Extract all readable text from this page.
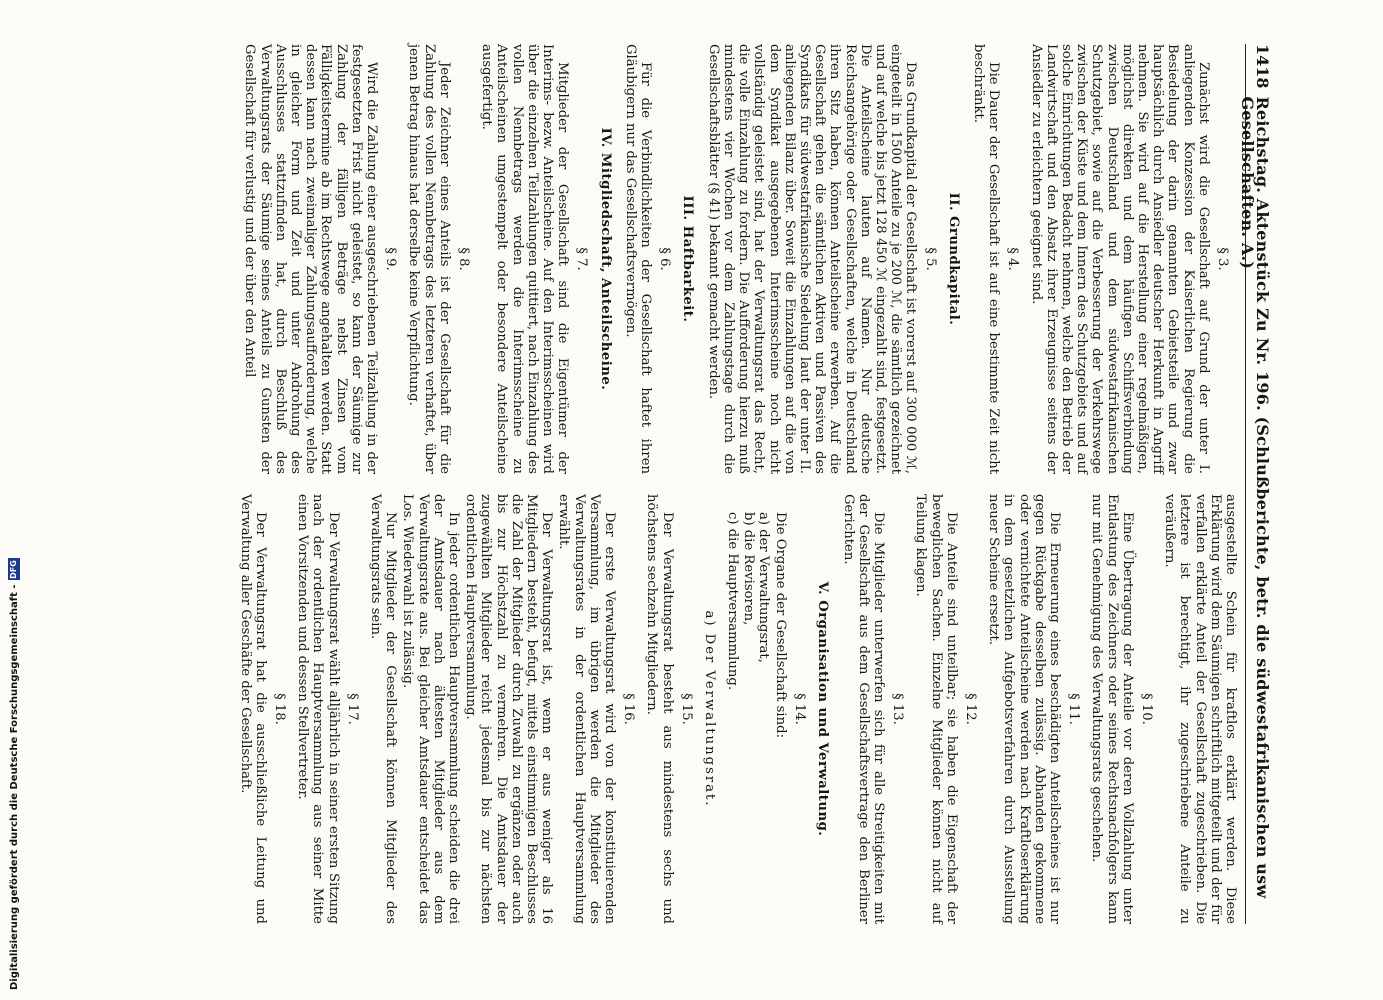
1418
Reichstag. Aktenstück Zu Nr. 196. (Schlußberichte, betr. die südwestafrikanischen usw Gesellschaften. A.)
§ 3.
Zunächst wird die Gesellschaft auf Grund der unter I. anliegenden Konzession der Kaiserlichen Regierung die Besiedelung der darin genannten Gebietsteile und zwar hauptsächlich durch Ansiedler deutscher Herkunft in Angriff nehmen. Sie wird auf die Herstellung einer regelmäßigen, möglichst direkten und dem häufigen Schiffsverbindung zwischen Deutschland und dem südwestafrikanischen Schutzgebiet, sowie auf die Verbesserung der Verkehrswege zwischen der Küste und dem Innern des Schutzgebiets und auf solche Einrichtungen Bedacht nehmen, welche den Betrieb der Landwirtschaft und den Absatz ihrer Erzeugnisse seitens der Ansiedler zu erleichtern geeignet sind.
§ 4.
Die Dauer der Gesellschaft ist auf eine bestimmte Zeit nicht beschränkt.
II. Grundkapital.
§ 5.
Das Grundkapital der Gesellschaft ist vorerst auf 300 000 ℳ, eingeteilt in 1500 Anteile zu je 200 ℳ, die sämtlich gezeichnet und auf welche bis jetzt 128 450 ℳ eingezahlt sind, festgesetzt. Die Anteilscheine lauten auf Namen. Nur deutsche Reichsangehörige oder Gesellschaften, welche in Deutschland ihren Sitz haben, können Anteilscheine erwerben. Auf die Gesellschaft gehen die sämtlichen Aktiven und Passiven des Syndikats für südwestafrikanische Siedelung laut der unter II. anliegenden Bilanz über. Soweit die Einzahlungen auf die von dem Syndikat ausgegebenen Interimsscheine noch nicht vollständig geleistet sind, hat der Verwaltungsrat das Recht, die volle Einzahlung zu fordern. Die Aufforderung hierzu muß mindestens vier Wochen vor dem Zahlungstage durch die Gesellschaftsblätter (§ 41) bekannt gemacht werden.
III. Haftbarkeit.
§ 6.
Für die Verbindlichkeiten der Gesellschaft haftet ihren Gläubigern nur das Gesellschaftsvermögen.
IV. Mitgliedschaft, Anteilscheine.
§ 7.
Mitglieder der Gesellschaft sind die Eigentümer der Interims- bezw. Anteilscheine. Auf den Interimsscheinen wird über die einzelnen Teilzahlungen quittiert, nach Einzahlung des vollen Nennbetrags werden die Interimsscheine zu Anteilscheinen umgestempelt oder besondere Anteilscheine ausgefertigt.
§ 8.
Jeder Zeichner eines Anteils ist der Gesellschaft für die Zahlung des vollen Nennbetrags des letzteren verhaftet, über jenen Betrag hinaus hat derselbe keine Verpflichtung.
§ 9.
Wird die Zahlung einer ausgeschriebenen Teilzahlung in der festgesetzten Frist nicht geleistet, so kann der Säumige zur Zahlung der fälligen Beträge nebst Zinsen vom Fälligkeitstermine ab im Rechtswege angehalten werden. Statt dessen kann nach zweimaliger Zahlungsaufforderung, welche in gleicher Form und Zeit und unter Androhung des Ausschlusses stattzufinden hat, durch Beschluß des Verwaltungsrats der Säumige seines Anteils zu Gunsten der Gesellschaft für verlustig und der über den Anteil
ausgestellte Schein für kraftlos erklärt werden. Diese Erklärung wird dem Säumigen schriftlich mitgeteilt und der für verfallen erklärte Anteil der Gesellschaft zugeschrieben. Die letztere ist berechtigt, ihr zugeschriebene Anteile zu veräußern.
§ 10.
Eine Übertragung der Anteile vor deren Vollzahlung unter Entlastung des Zeichners oder seines Rechtsnachfolgers kann nur mit Genehmigung des Verwaltungsrats geschehen.
§ 11.
Die Erneuerung eines beschädigten Anteilscheines ist nur gegen Rückgabe desselben zulässig. Abhanden gekommene oder vernichtete Anteilscheine werden nach Kraftloserklärung in dem gesetzlichen Aufgebotsverfahren durch Ausstellung neuer Scheine ersetzt.
§ 12.
Die Anteile sind unteilbar; sie haben die Eigenschaft der beweglichen Sachen. Einzelne Mitglieder können nicht auf Teilung klagen.
§ 13.
Die Mitglieder unterwerfen sich für alle Streitigkeiten mit der Gesellschaft aus dem Gesellschaftsvertrage den Berliner Gerichten.
V. Organisation und Verwaltung.
§ 14.
Die Organe der Gesellschaft sind:
a) der Verwaltungsrat,
b) die Revisoren,
c) die Hauptversammlung.
a) Der Verwaltungsrat.
§ 15.
Der Verwaltungsrat besteht aus mindestens sechs und höchstens sechzehn Mitgliedern.
§ 16.
Der erste Verwaltungsrat wird von der konstituierenden Versammlung, im übrigen werden die Mitglieder des Verwaltungsrates in der ordentlichen Hauptversammlung erwählt.
Der Verwaltungsrat ist, wenn er aus weniger als 16 Mitgliedern besteht, befugt, mittels einstimmigen Beschlusses die Zahl der Mitglieder durch Zuwahl zu ergänzen oder auch bis zur Höchstzahl zu vermehren. Die Amtsdauer der zugewählten Mitglieder reicht jedesmal bis zur nächsten ordentlichen Hauptversammlung.
In jeder ordentlichen Hauptversammlung scheiden die drei der Amtsdauer nach ältesten Mitglieder aus dem Verwaltungsrate aus. Bei gleicher Amtsdauer entscheidet das Los. Wiederwahl ist zulässig.
Nur Mitglieder der Gesellschaft können Mitglieder des Verwaltungsrats sein.
§ 17.
Der Verwaltungsrat wählt alljährlich in seiner ersten Sitzung nach der ordentlichen Hauptversammlung aus seiner Mitte einen Vorsitzenden und dessen Stellvertreter.
§ 18.
Der Verwaltungsrat hat die ausschließliche Leitung und Verwaltung aller Geschäfte der Gesellschaft.
Digitalisierung gefördert durch die Deutsche Forschungsgemeinschaft -
DFG
